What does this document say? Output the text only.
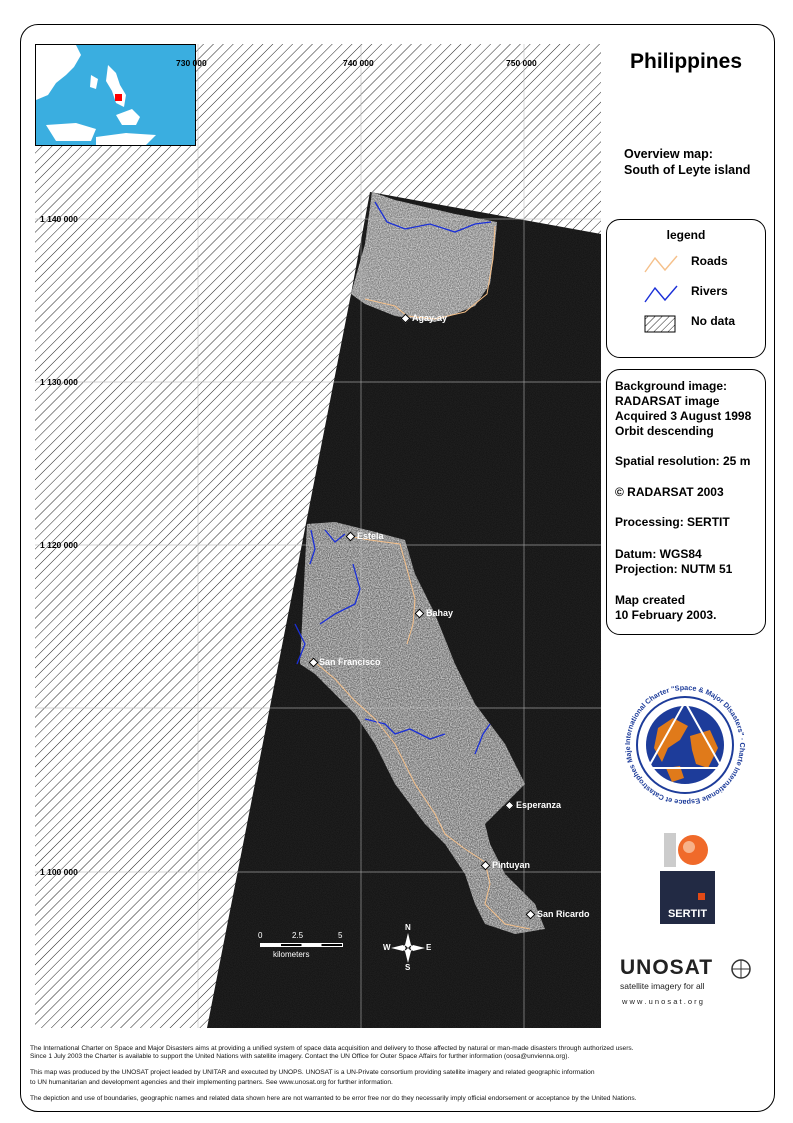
730 000	740 000	750 000
1 140 000
1 130 000
1 120 000
1 100 000
Agay-ay
Estela
Bahay
San Francisco
Esperanza
Pintuyan
San Ricardo
0	2.5	5
kilometers
N
S
W	E
Philippines
Overview map:
South of Leyte island
legend
Roads
Rivers
No data
Background image:
RADARSAT image
Acquired 3 August 1998
Orbit descending
Spatial resolution: 25 m
© RADARSAT 2003
Processing: SERTIT
Datum: WGS84
Projection: NUTM 51
Map created
10 February 2003.
International Charter "Space & Major Disasters" · Charte Internationale Espace et Catastrophes Maje
SERTIT
UNOSAT
satellite imagery for all
w w w . u n o s a t . o r g
The International Charter on Space and Major Disasters aims at providing a unified system of space data acquisition and delivery to those affected by natural or man-made disasters through authorized users.
Since 1 July 2003 the Charter is available to support the United Nations with satellite imagery. Contact the UN Office for Outer Space Affairs for further information (oosa@unvienna.org).
This map was produced by the UNOSAT project leaded by UNITAR and executed by UNOPS. UNOSAT is a UN-Private consortium providing satellite imagery and related geographic information
to UN humanitarian and development agencies and their implementing partners. See www.unosat.org for further information.
The depiction and use of boundaries, geographic names and related data shown here are not warranted to be error free nor do they necessarily imply official endorsement or acceptance by the United Nations.
